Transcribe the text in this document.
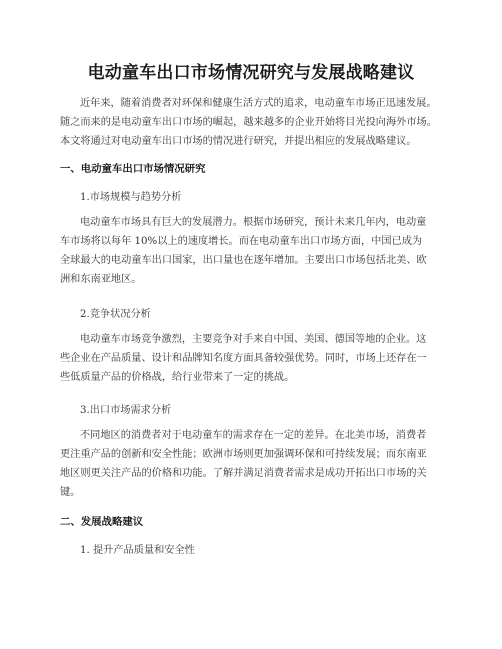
电动童车出口市场情况研究与发展战略建议
近年来，随着消费者对环保和健康生活方式的追求，电动童车市场正迅速发展。
随之而来的是电动童车出口市场的崛起，越来越多的企业开始将目光投向海外市场。
本文将通过对电动童车出口市场的情况进行研究，并提出相应的发展战略建议。
一、电动童车出口市场情况研究
1.市场规模与趋势分析
电动童车市场具有巨大的发展潜力。根据市场研究，预计未来几年内，电动童
车市场将以每年 10%以上的速度增长。而在电动童车出口市场方面，中国已成为
全球最大的电动童车出口国家，出口量也在逐年增加。主要出口市场包括北美、欧
洲和东南亚地区。
2.竞争状况分析
电动童车市场竞争激烈，主要竞争对手来自中国、美国、德国等地的企业。这
些企业在产品质量、设计和品牌知名度方面具备较强优势。同时，市场上还存在一
些低质量产品的价格战，给行业带来了一定的挑战。
3.出口市场需求分析
不同地区的消费者对于电动童车的需求存在一定的差异。在北美市场，消费者
更注重产品的创新和安全性能；欧洲市场则更加强调环保和可持续发展；而东南亚
地区则更关注产品的价格和功能。了解并满足消费者需求是成功开拓出口市场的关
键。
二、发展战略建议
1. 提升产品质量和安全性
